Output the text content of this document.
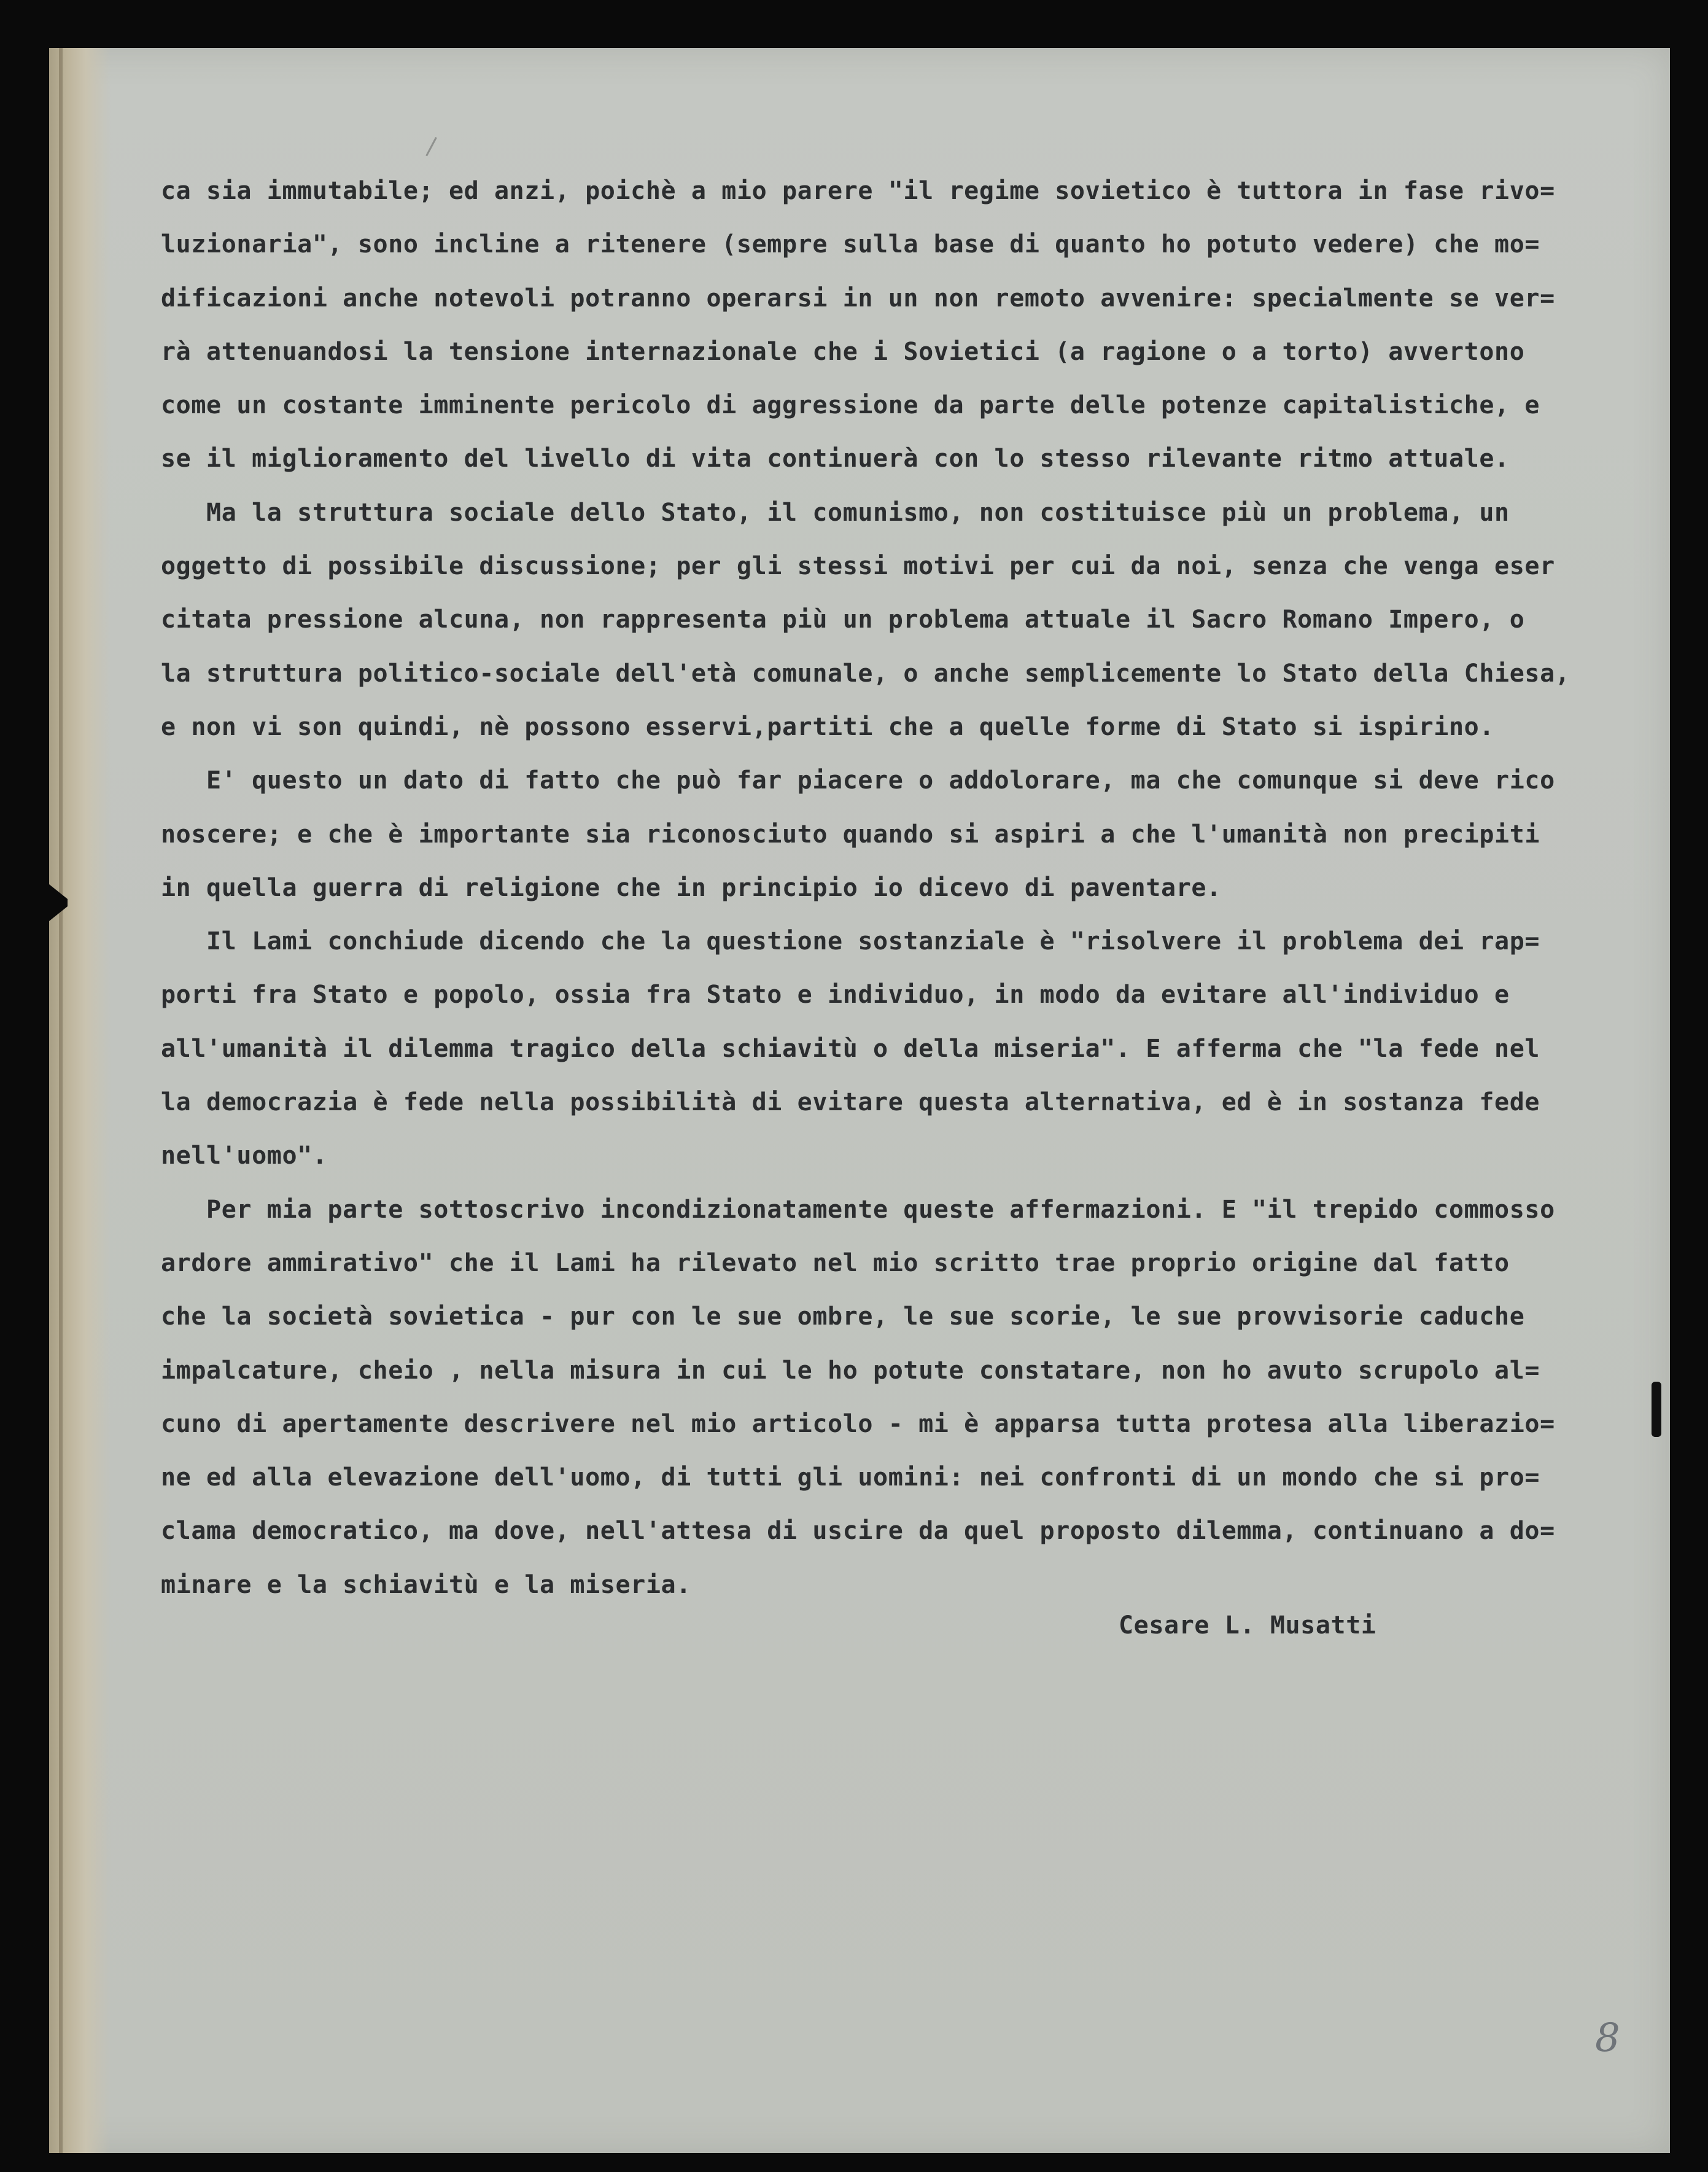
ca sia immutabile; ed anzi, poichè a mio parere "il regime sovietico è tuttora in fase rivo=
luzionaria", sono incline a ritenere (sempre sulla base di quanto ho potuto vedere) che mo=
dificazioni anche notevoli potranno operarsi in un non remoto avvenire: specialmente se ver=
rà attenuandosi la tensione internazionale che i Sovietici (a ragione o a torto) avvertono
come un costante imminente pericolo di aggressione da parte delle potenze capitalistiche, e
se il miglioramento del livello di vita continuerà con lo stesso rilevante ritmo attuale.
Ma la struttura sociale dello Stato, il comunismo, non costituisce più un problema, un
oggetto di possibile discussione; per gli stessi motivi per cui da noi, senza che venga eser
citata pressione alcuna, non rappresenta più un problema attuale il Sacro Romano Impero, o
la struttura politico-sociale dell'età comunale, o anche semplicemente lo Stato della Chiesa,
e non vi son quindi, nè possono esservi,partiti che a quelle forme di Stato si ispirino.
E' questo un dato di fatto che può far piacere o addolorare, ma che comunque si deve rico
noscere; e che è importante sia riconosciuto quando si aspiri a che l'umanità non precipiti
in quella guerra di religione che in principio io dicevo di paventare.
Il Lami conchiude dicendo che la questione sostanziale è "risolvere il problema dei rap=
porti fra Stato e popolo, ossia fra Stato e individuo, in modo da evitare all'individuo e
all'umanità il dilemma tragico della schiavitù o della miseria". E afferma che "la fede nel
la democrazia è fede nella possibilità di evitare questa alternativa, ed è in sostanza fede
nell'uomo".
Per mia parte sottoscrivo incondizionatamente queste affermazioni. E "il trepido commosso
ardore ammirativo" che il Lami ha rilevato nel mio scritto trae proprio origine dal fatto
che la società sovietica - pur con le sue ombre, le sue scorie, le sue provvisorie caduche
impalcature, cheio , nella misura in cui le ho potute constatare, non ho avuto scrupolo al=
cuno di apertamente descrivere nel mio articolo - mi è apparsa tutta protesa alla liberazio=
ne ed alla elevazione dell'uomo, di tutti gli uomini: nei confronti di un mondo che si pro=
clama democratico, ma dove, nell'attesa di uscire da quel proposto dilemma, continuano a do=
minare e la schiavitù e la miseria.
Cesare L. Musatti
8
